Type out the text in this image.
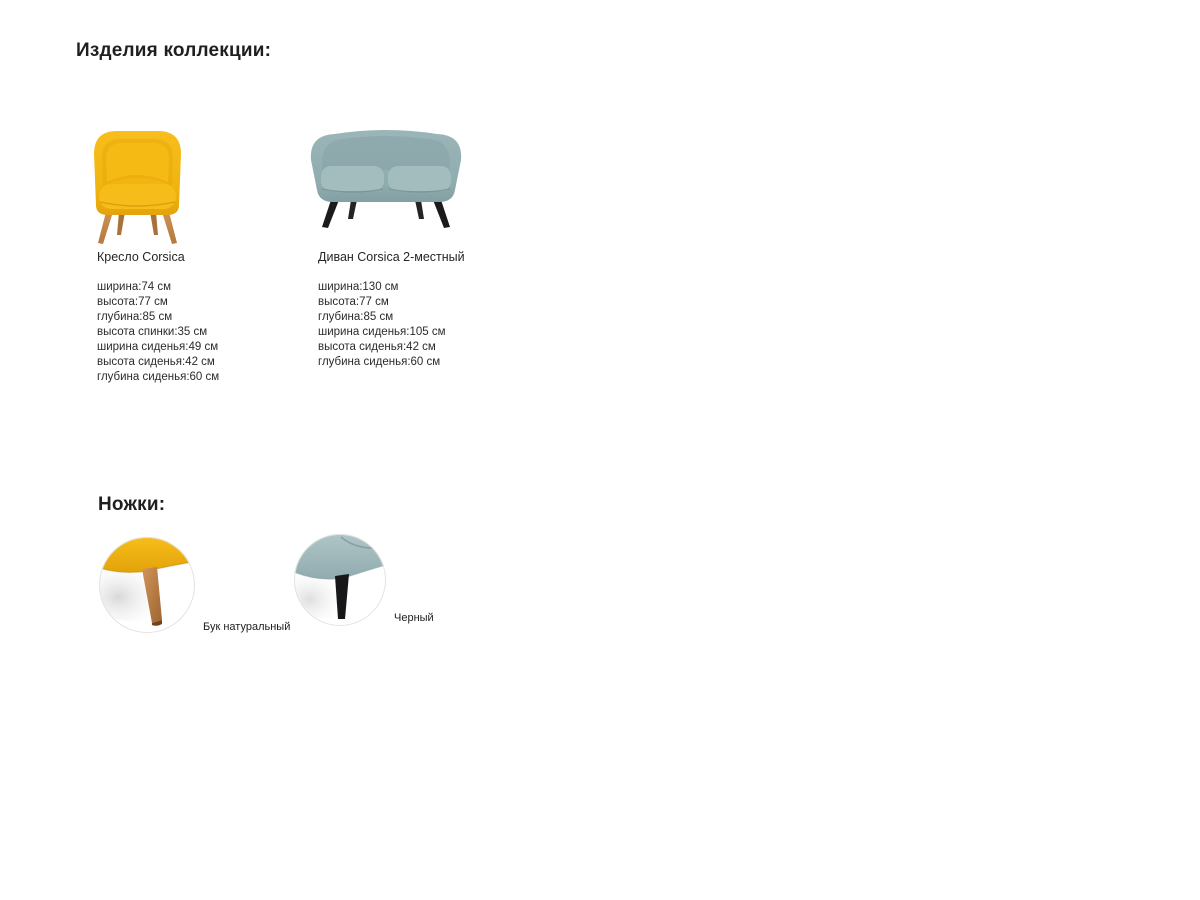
Изделия коллекции:
Кресло Corsica	Диван Corsica 2-местный
ширина:74 см
высота:77 см
глубина:85 см
высота спинки:35 см
ширина сиденья:49 см
высота сиденья:42 см
глубина сиденья:60 см
ширина:130 см
высота:77 см
глубина:85 см
ширина сиденья:105 см
высота сиденья:42 см
глубина сиденья:60 см
Ножки:
Бук натуральный
Черный
